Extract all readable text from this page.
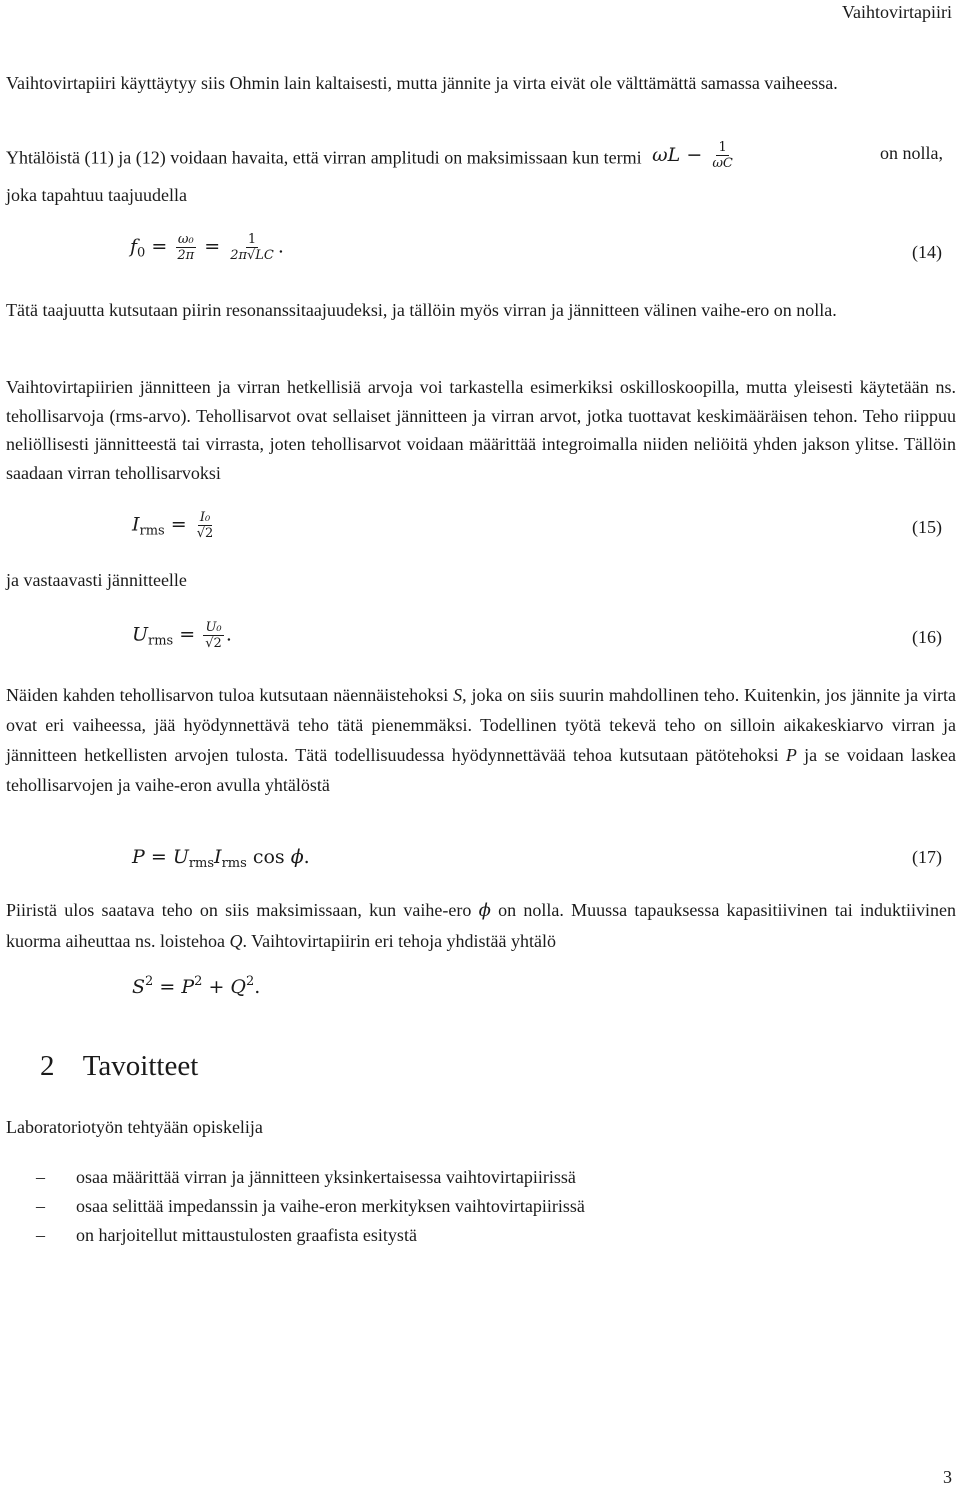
Vaihtovirtapiiri

Vaihtovirtapiiri käyttäytyy siis Ohmin lain kaltaisesti, mutta jännite ja virta eivät ole välttämättä samassa vaiheessa.

Yhtälöistä (11) ja (12) voidaan havaita, että virran amplitudi on maksimissaan kun termi $\omega L - \frac{1}{\omega C}$	on nolla,
joka tapahtuu taajuudella
$f_0 = \frac{\text{ω₀}}{2\pi} = \frac{1}{2\pi√LC}$ .	(14)

Tätä taajuutta kutsutaan piirin resonanssitaajuudeksi, ja tällöin myös virran ja jännitteen välinen vaihe-ero on nolla.

Vaihtovirtapiirien jännitteen ja virran hetkellisiä arvoja voi tarkastella esimerkiksi oskilloskoopilla, mutta yleisesti käytetään ns. tehollisarvoja (rms-arvo). Tehollisarvot ovat sellaiset jännitteen ja virran arvot, jotka tuottavat keskimääräisen tehon. Teho riippuu neliöllisesti jännitteestä tai virrasta, joten tehollisarvot voidaan määrittää integroimalla niiden neliöitä yhden jakson ylitse. Tällöin saadaan virran tehollisarvoksi

$I_{rms} = \frac{\text{I₀}}{√2}$	(15)
ja vastaavasti jännitteelle
$U_{rms} = \frac{\text{U₀}}{√2}$ .	(16)

Näiden kahden tehollisarvon tuloa kutsutaan näennäistehoksi S, joka on siis suurin mahdollinen teho. Kuitenkin, jos jännite ja virta ovat eri vaiheessa, jää hyödynnettävä teho tätä pienemmäksi. Todellinen työtä tekevä teho on silloin aikakeskiarvo virran ja jännitteen hetkellisten arvojen tulosta. Tätä todellisuudessa hyödynnettävää tehoa kutsutaan pätötehoksi P ja se voidaan laskea tehollisarvojen ja vaihe-eron avulla yhtälöstä

$P = U_{rms}I_{rms}$ cos ϕ.	(17)

Piiristä ulos saatava teho on siis maksimissaan, kun vaihe-ero ϕ on nolla. Muussa tapauksessa kapasitiivinen tai induktiivinen kuorma aiheuttaa ns. loistehoa Q. Vaihtovirtapiirin eri tehoja yhdistää yhtälö

$S^2 = P^2 + Q^2$.
2 Tavoitteet
Laboratoriotyön tehtyään opiskelija
– osaa määrittää virran ja jännitteen yksinkertaisessa vaihtovirtapiirissä
– osaa selittää impedanssin ja vaihe-eron merkityksen vaihtovirtapiirissä
– on harjoitellut mittaustulosten graafista esitystä
3
